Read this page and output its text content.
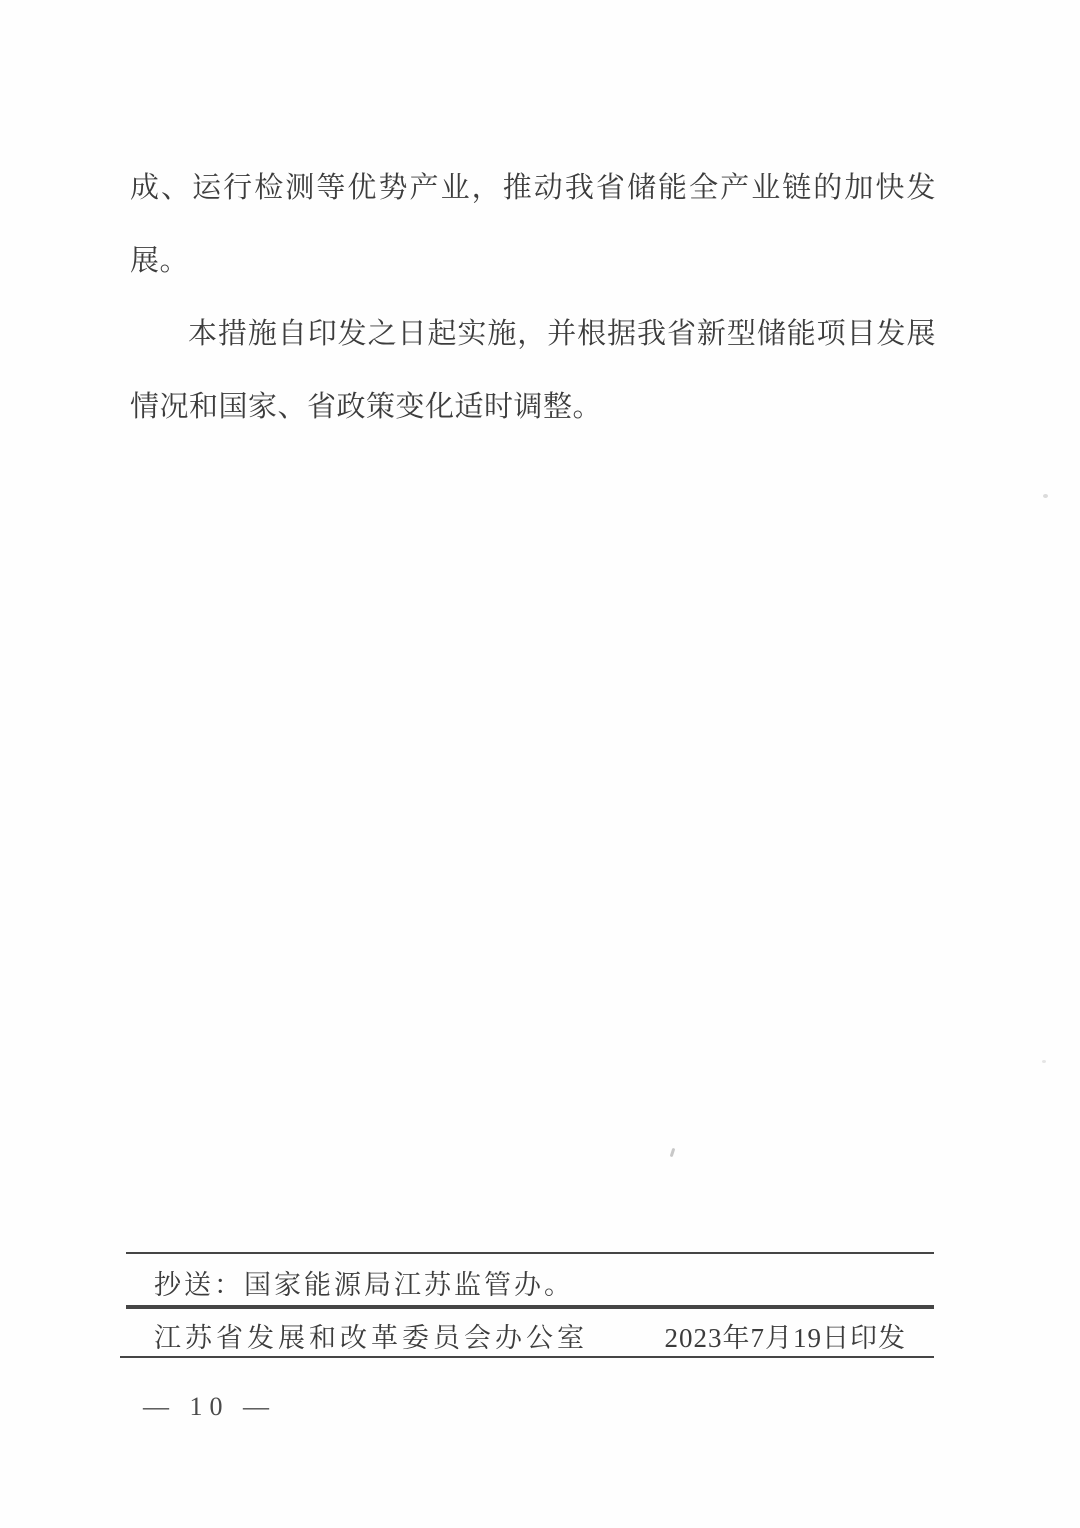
成、运行检测等优势产业，推动我省储能全产业链的加快发展。

本措施自印发之日起实施，并根据我省新型储能项目发展情况和国家、省政策变化适时调整。

抄送：国家能源局江苏监管办。
江苏省发展和改革委员会办公室	2023年7月19日印发
— 10 —
